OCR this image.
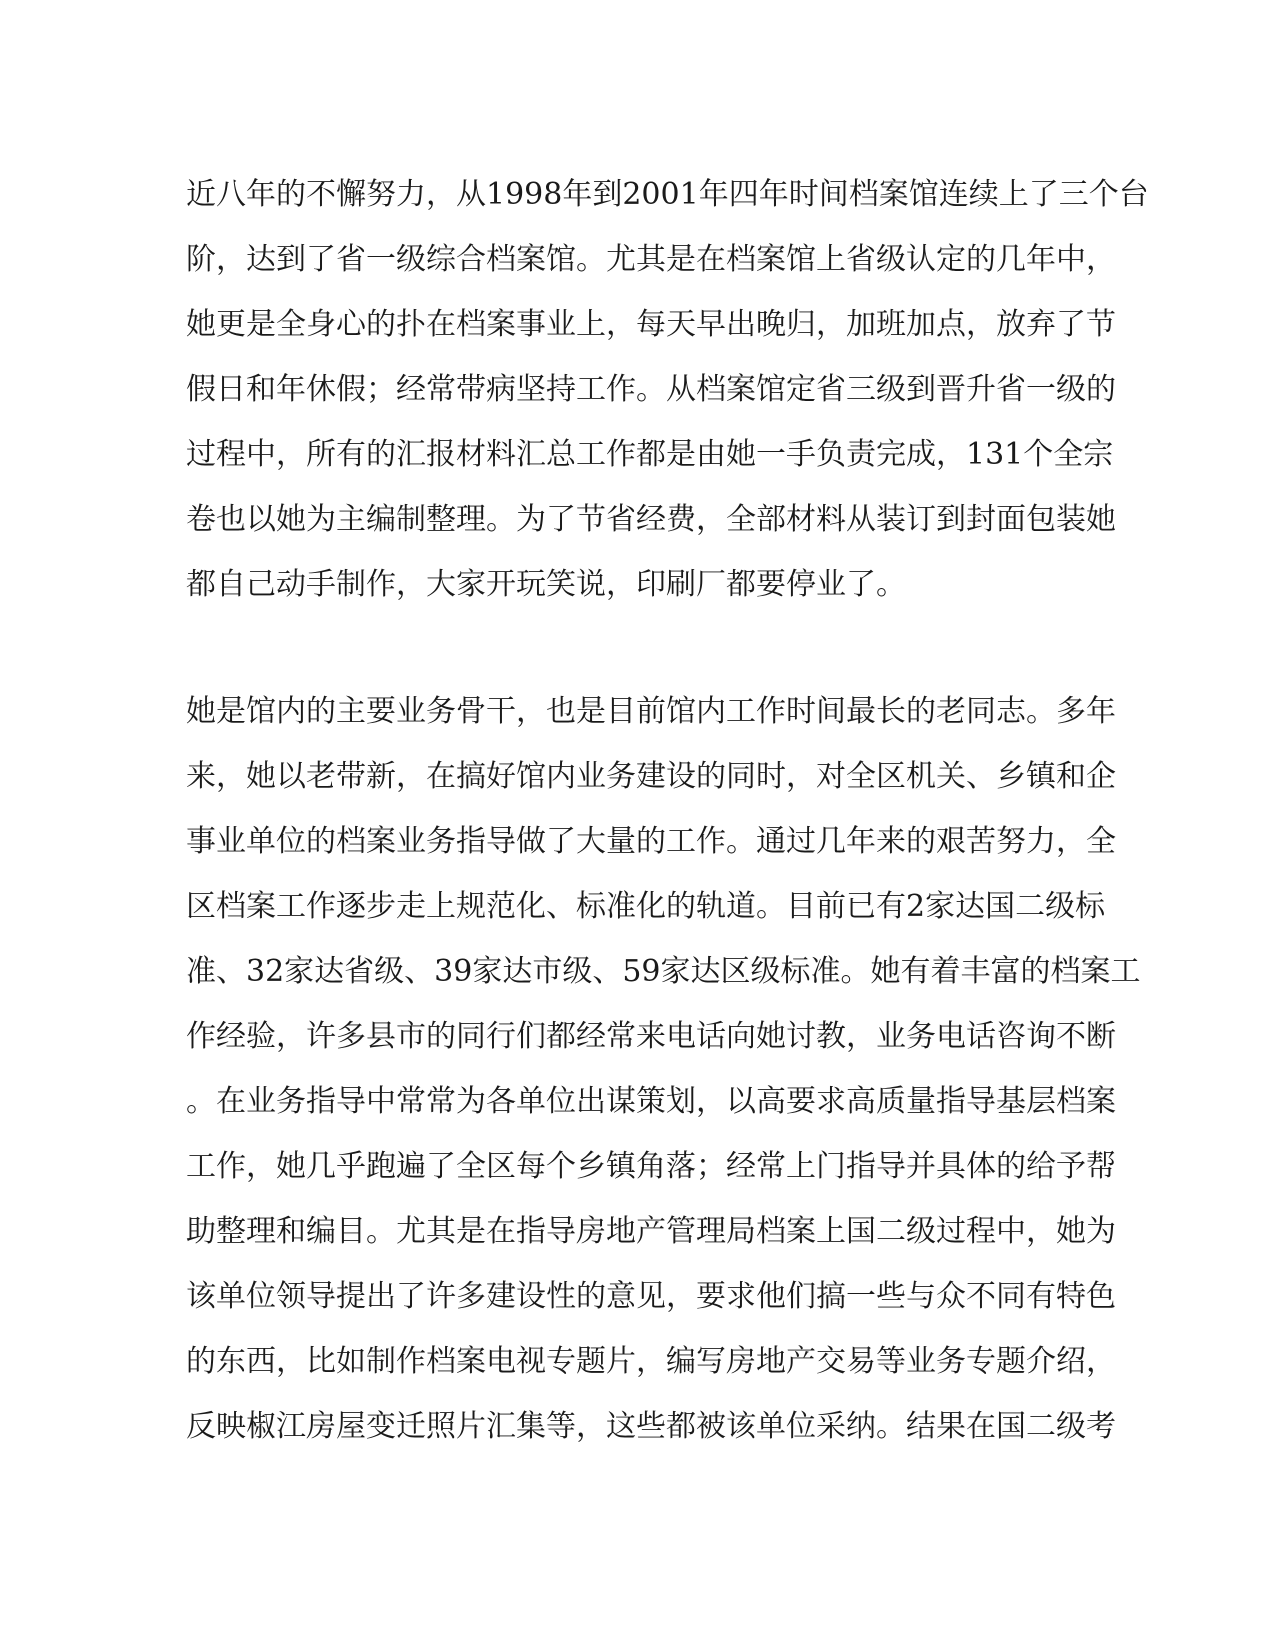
近八年的不懈努力，从1998年到2001年四年时间档案馆连续上了三个台
阶，达到了省一级综合档案馆。尤其是在档案馆上省级认定的几年中，
她更是全身心的扑在档案事业上，每天早出晚归，加班加点，放弃了节
假日和年休假；经常带病坚持工作。从档案馆定省三级到晋升省一级的
过程中，所有的汇报材料汇总工作都是由她一手负责完成，131个全宗
卷也以她为主编制整理。为了节省经费，全部材料从装订到封面包装她
都自己动手制作，大家开玩笑说，印刷厂都要停业了。
她是馆内的主要业务骨干，也是目前馆内工作时间最长的老同志。多年
来，她以老带新，在搞好馆内业务建设的同时，对全区机关、乡镇和企
事业单位的档案业务指导做了大量的工作。通过几年来的艰苦努力，全
区档案工作逐步走上规范化、标准化的轨道。目前已有2家达国二级标
准、32家达省级、39家达市级、59家达区级标准。她有着丰富的档案工
作经验，许多县市的同行们都经常来电话向她讨教，业务电话咨询不断
。在业务指导中常常为各单位出谋策划，以高要求高质量指导基层档案
工作，她几乎跑遍了全区每个乡镇角落；经常上门指导并具体的给予帮
助整理和编目。尤其是在指导房地产管理局档案上国二级过程中，她为
该单位领导提出了许多建设性的意见，要求他们搞一些与众不同有特色
的东西，比如制作档案电视专题片，编写房地产交易等业务专题介绍，
反映椒江房屋变迁照片汇集等，这些都被该单位采纳。结果在国二级考
